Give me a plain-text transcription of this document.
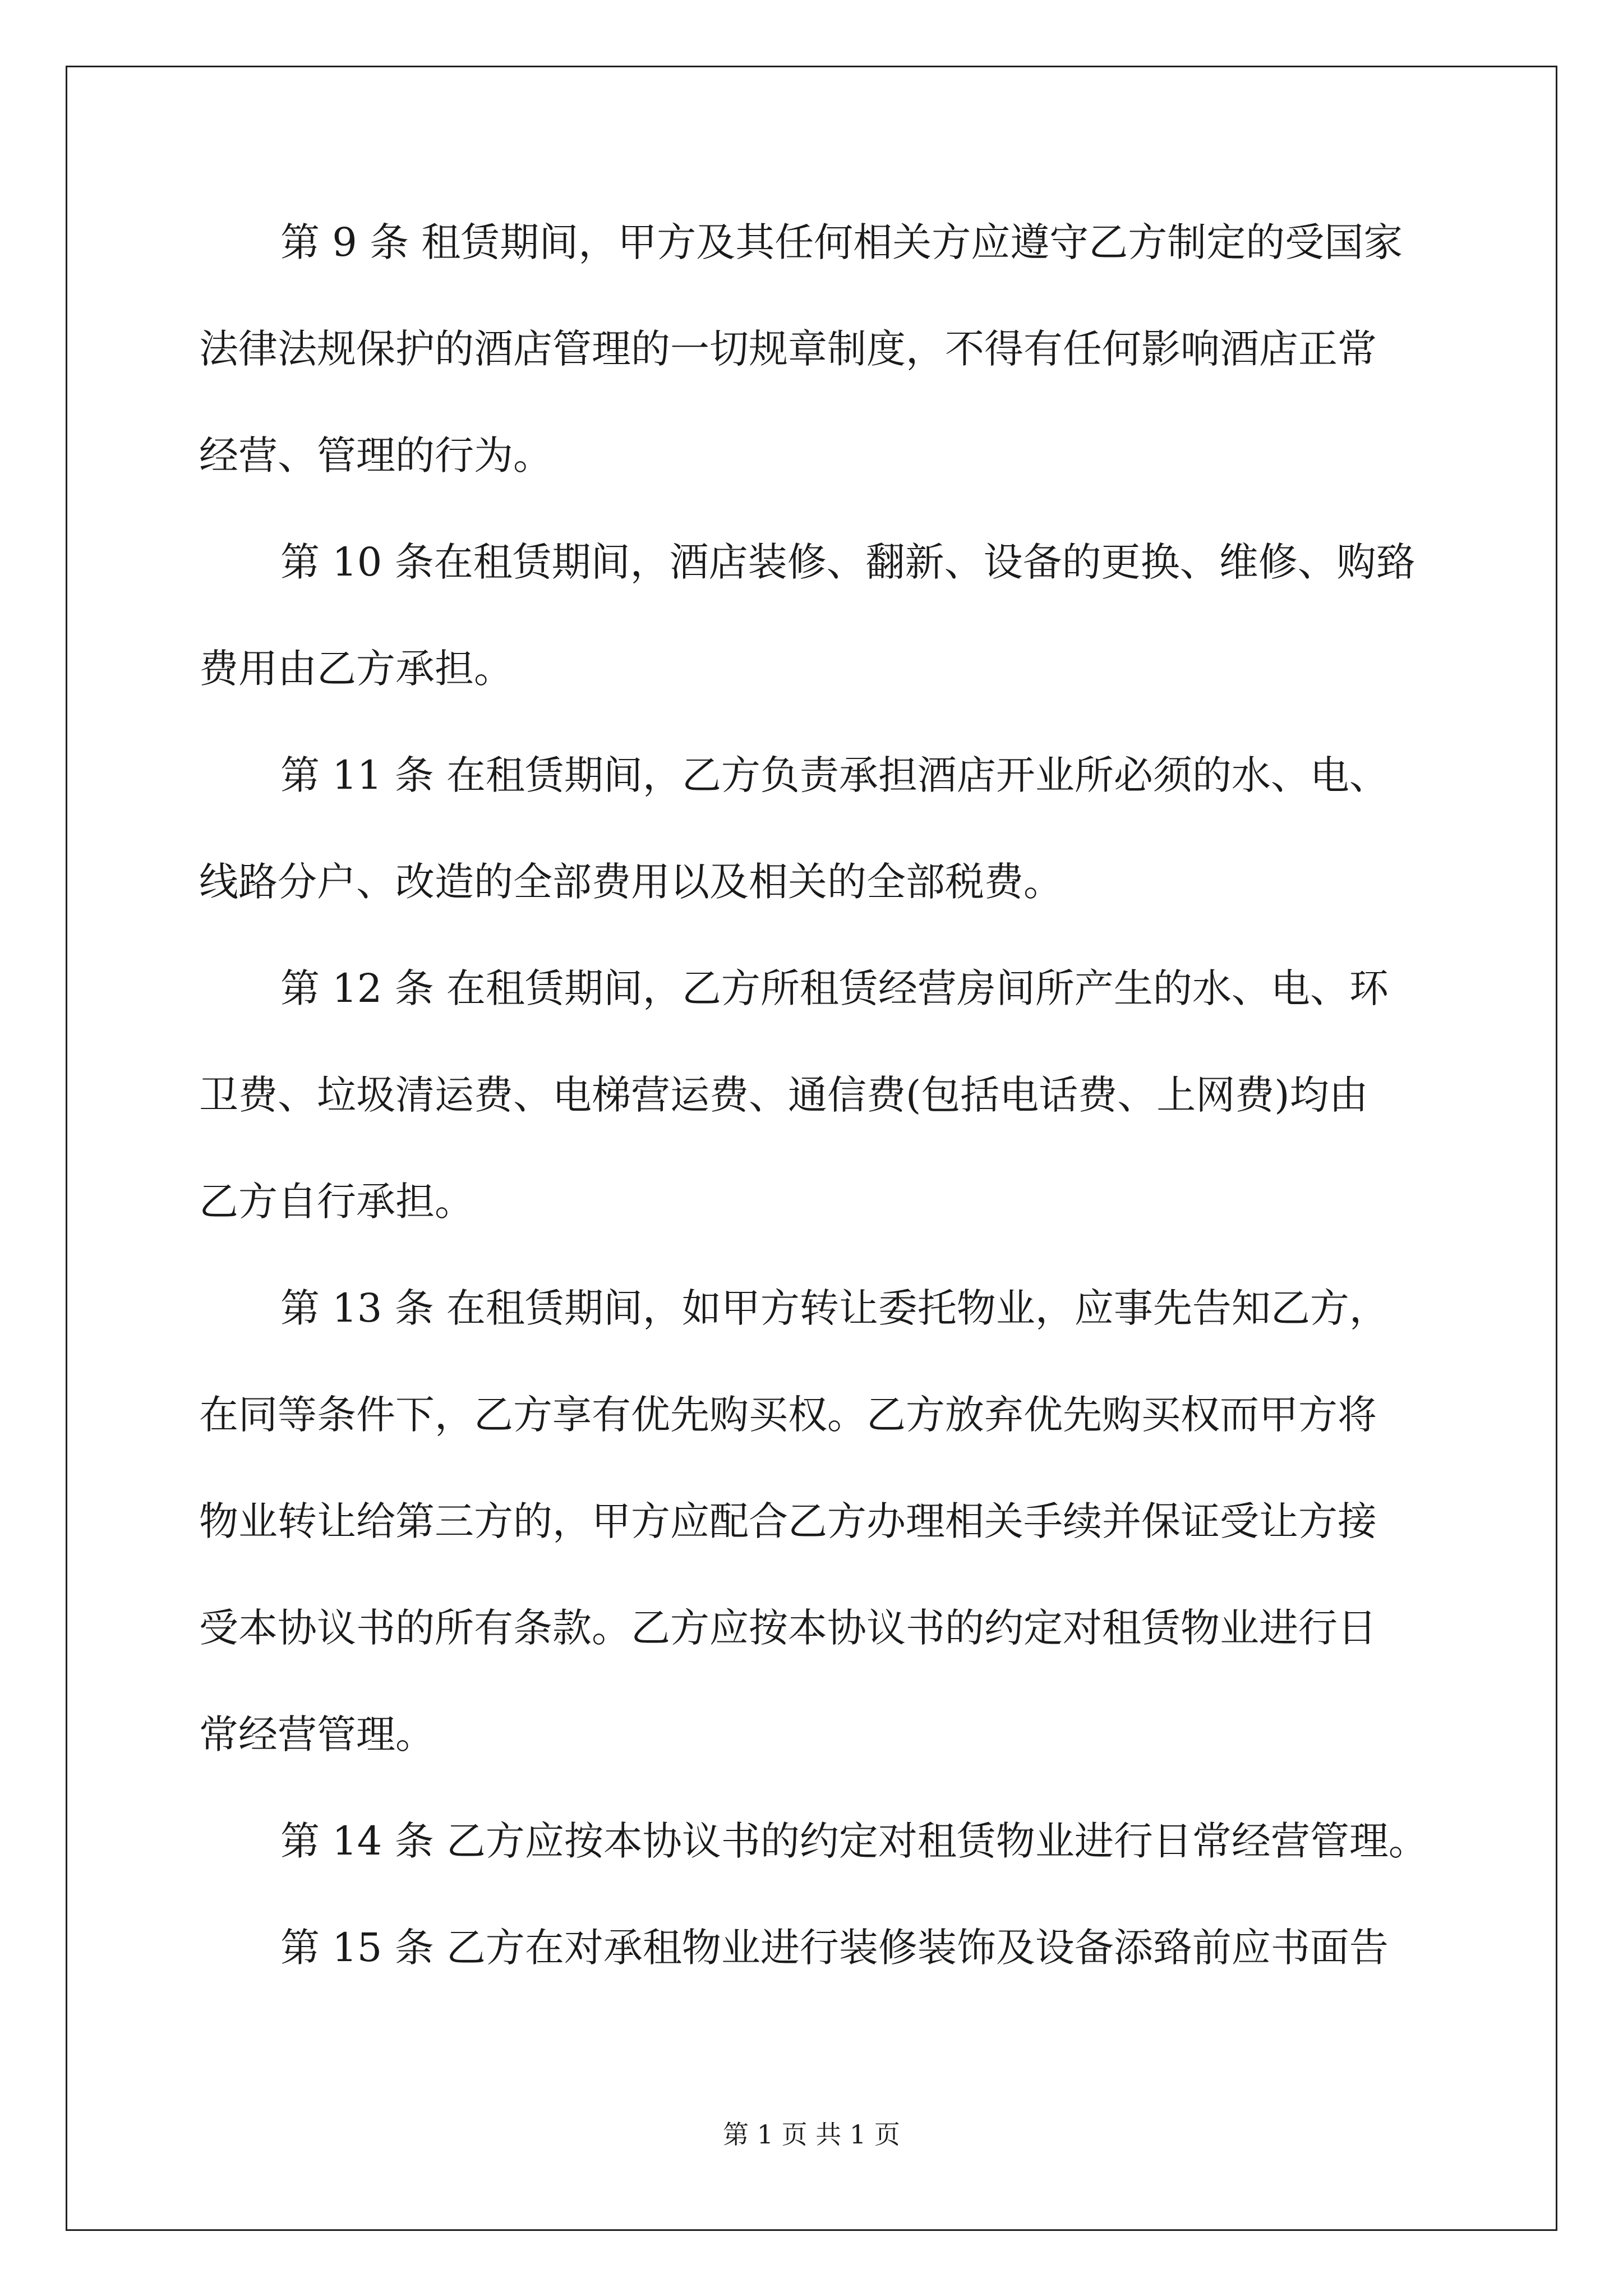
第 9 条 租赁期间，甲方及其任何相关方应遵守乙方制定的受国家
法律法规保护的酒店管理的一切规章制度，不得有任何影响酒店正常
经营、管理的行为。
第 10 条在租赁期间，酒店装修、翻新、设备的更换、维修、购臵
费用由乙方承担。
第 11 条 在租赁期间，乙方负责承担酒店开业所必须的水、电、
线路分户、改造的全部费用以及相关的全部税费。
第 12 条 在租赁期间，乙方所租赁经营房间所产生的水、电、环
卫费、垃圾清运费、电梯营运费、通信费(包括电话费、上网费)均由
乙方自行承担。
第 13 条 在租赁期间，如甲方转让委托物业，应事先告知乙方，
在同等条件下，乙方享有优先购买权。乙方放弃优先购买权而甲方将
物业转让给第三方的，甲方应配合乙方办理相关手续并保证受让方接
受本协议书的所有条款。乙方应按本协议书的约定对租赁物业进行日
常经营管理。
第 14 条 乙方应按本协议书的约定对租赁物业进行日常经营管理。
第 15 条 乙方在对承租物业进行装修装饰及设备添臵前应书面告
第 1 页 共 1 页
